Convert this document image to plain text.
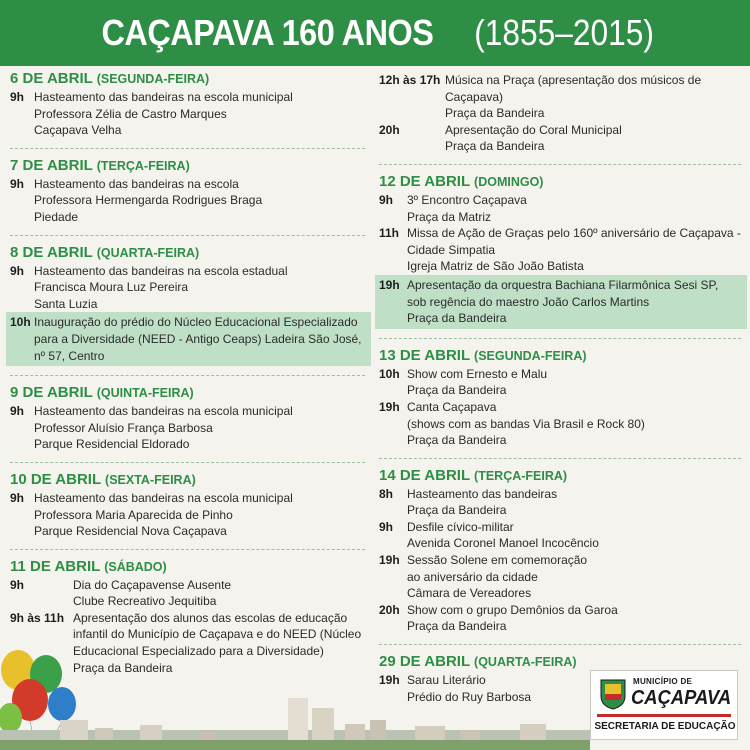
CAÇAPAVA 160 ANOS (1855–2015)
6 DE ABRIL (SEGUNDA-FEIRA)
9h Hasteamento das bandeiras na escola municipal
Professora Zélia de Castro Marques
Caçapava Velha
7 DE ABRIL (TERÇA-FEIRA)
9h Hasteamento das bandeiras na escola
Professora Hermengarda Rodrigues Braga
Piedade
8 DE ABRIL (QUARTA-FEIRA)
9h Hasteamento das bandeiras na escola estadual
Francisca Moura Luz Pereira
Santa Luzia
10h Inauguração do prédio do Núcleo Educacional Especializado
para a Diversidade (NEED - Antigo Ceaps) Ladeira São José,
nº 57, Centro
9 DE ABRIL (QUINTA-FEIRA)
9h Hasteamento das bandeiras na escola municipal
Professor Aluísio França Barbosa
Parque Residencial Eldorado
10 DE ABRIL (SEXTA-FEIRA)
9h Hasteamento das bandeiras na escola municipal
Professora Maria Aparecida de Pinho
Parque Residencial Nova Caçapava
11 DE ABRIL (SÁBADO)
9h	Dia do Caçapavense Ausente
Clube Recreativo Jequitiba
9h às 11h Apresentação dos alunos das escolas de educação
infantil do Município de Caçapava e do NEED (Núcleo
Educacional Especializado para a Diversidade)
Praça da Bandeira
12h às 17h Música na Praça (apresentação dos músicos de
Caçapava)
Praça da Bandeira
20h	Apresentação do Coral Municipal
Praça da Bandeira
12 DE ABRIL (DOMINGO)
9h	3º Encontro Caçapava
Praça da Matriz
11h Missa de Ação de Graças pelo 160º aniversário de Caçapava -
Cidade Simpatia
Igreja Matriz de São João Batista
19h Apresentação da orquestra Bachiana Filarmônica Sesi SP,
sob regência do maestro João Carlos Martins
Praça da Bandeira
13 DE ABRIL (SEGUNDA-FEIRA)
10h Show com Ernesto e Malu
Praça da Bandeira
19h Canta Caçapava
(shows com as bandas Via Brasil e Rock 80)
Praça da Bandeira
14 DE ABRIL (TERÇA-FEIRA)
8h	Hasteamento das bandeiras
Praça da Bandeira
9h	Desfile cívico-militar
Avenida Coronel Manoel Incocêncio
19h Sessão Solene em comemoração
ao aniversário da cidade
Câmara de Vereadores
20h Show com o grupo Demônios da Garoa
Praça da Bandeira
29 DE ABRIL (QUARTA-FEIRA)
19h Sarau Literário
Prédio do Ruy Barbosa
MUNICÍPIO DE
CAÇAPAVA
SECRETARIA DE EDUCAÇÃO
